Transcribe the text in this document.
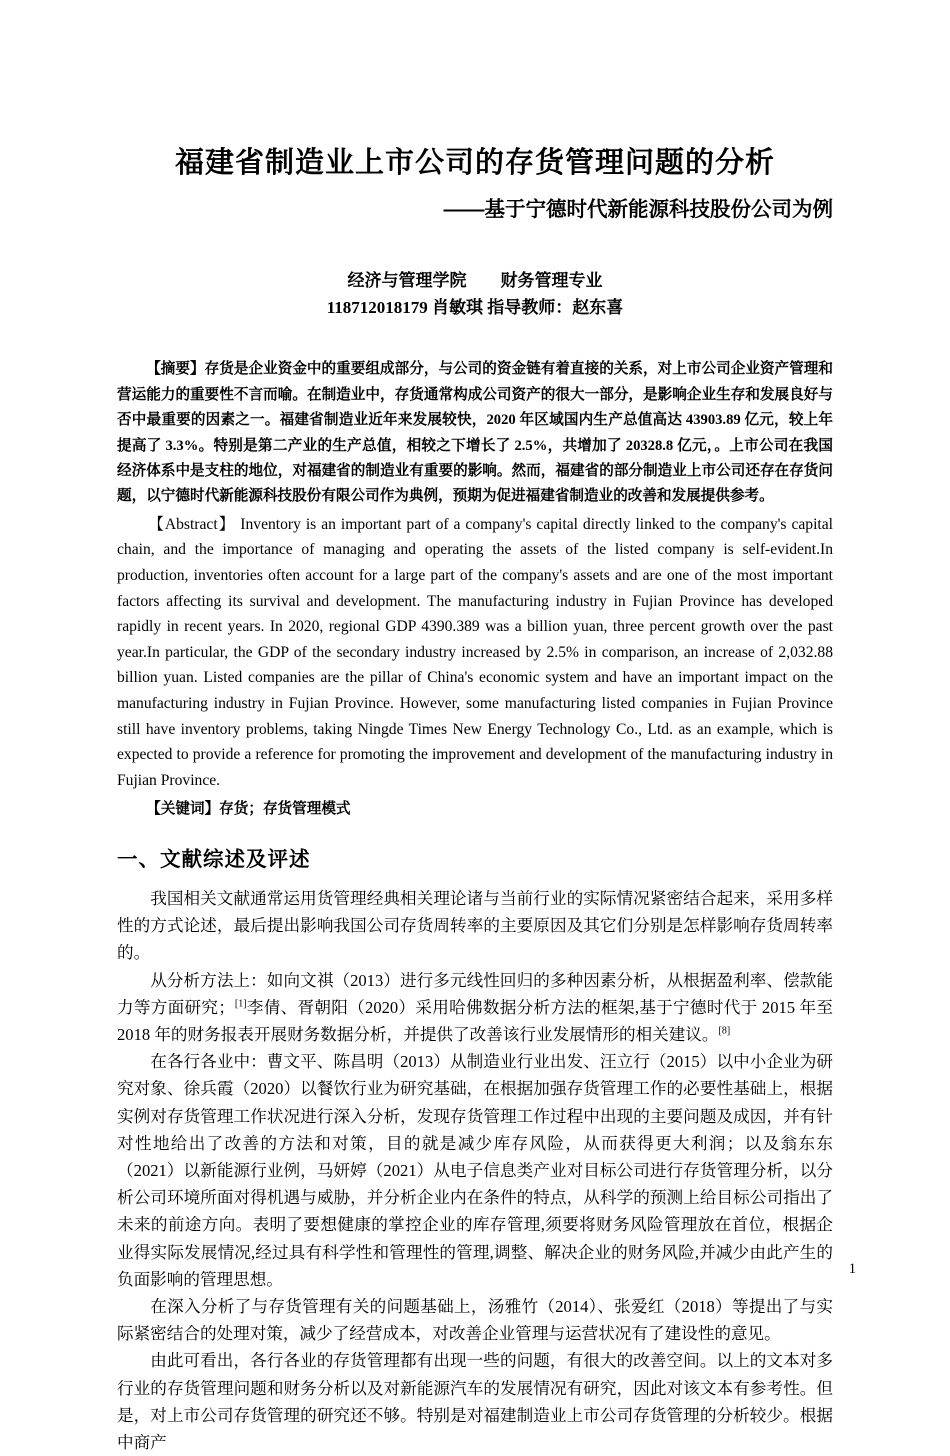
福建省制造业上市公司的存货管理问题的分析
——基于宁德时代新能源科技股份公司为例
经济与管理学院　　财务管理专业
118712018179 肖敏琪 指导教师：赵东喜

【摘要】存货是企业资金中的重要组成部分，与公司的资金链有着直接的关系，对上市公司企业资产管理和营运能力的重要性不言而喻。在制造业中，存货通常构成公司资产的很大一部分，是影响企业生存和发展良好与否中最重要的因素之一。福建省制造业近年来发展较快，2020 年区域国内生产总值高达 43903.89 亿元，较上年提高了 3.3%。特别是第二产业的生产总值，相较之下增长了 2.5%，共增加了 20328.8 亿元，。上市公司在我国经济体系中是支柱的地位，对福建省的制造业有重要的影响。然而，福建省的部分制造业上市公司还存在存货问题，以宁德时代新能源科技股份有限公司作为典例，预期为促进福建省制造业的改善和发展提供参考。

【Abstract】 Inventory is an important part of a company's capital directly linked to the company's capital chain, and the importance of managing and operating the assets of the listed company is self-evident.In production, inventories often account for a large part of the company's assets and are one of the most important factors affecting its survival and development. The manufacturing industry in Fujian Province has developed rapidly in recent years. In 2020, regional GDP 4390.389 was a billion yuan, three percent growth over the past year.In particular, the GDP of the secondary industry increased by 2.5% in comparison, an increase of 2,032.88 billion yuan. Listed companies are the pillar of China's economic system and have an important impact on the manufacturing industry in Fujian Province. However, some manufacturing listed companies in Fujian Province still have inventory problems, taking Ningde Times New Energy Technology Co., Ltd. as an example, which is expected to provide a reference for promoting the improvement and development of the manufacturing industry in Fujian Province.

【关键词】存货；存货管理模式

一、文献综述及评述

我国相关文献通常运用货管理经典相关理论诸与当前行业的实际情况紧密结合起来，采用多样性的方式论述，最后提出影响我国公司存货周转率的主要原因及其它们分别是怎样影响存货周转率的。

从分析方法上：如向文祺（2013）进行多元线性回归的多种因素分析，从根据盈利率、偿款能力等方面研究；[1]李倩、胥朝阳（2020）采用哈佛数据分析方法的框架,基于宁德时代于 2015 年至 2018 年的财务报表开展财务数据分析，并提供了改善该行业发展情形的相关建议。[8]

在各行各业中：曹文平、陈昌明（2013）从制造业行业出发、汪立行（2015）以中小企业为研究对象、徐兵霞（2020）以餐饮行业为研究基础，在根据加强存货管理工作的必要性基础上，根据实例对存货管理工作状况进行深入分析，发现存货管理工作过程中出现的主要问题及成因，并有针对性地给出了改善的方法和对策，目的就是减少库存风险，从而获得更大利润；以及翁东东（2021）以新能源行业例，马妍婷（2021）从电子信息类产业对目标公司进行存货管理分析，以分析公司环境所面对得机遇与威胁，并分析企业内在条件的特点，从科学的预测上给目标公司指出了未来的前途方向。表明了要想健康的掌控企业的库存管理,须要将财务风险管理放在首位，根据企业得实际发展情况,经过具有科学性和管理性的管理,调整、解决企业的财务风险,并减少由此产生的负面影响的管理思想。

在深入分析了与存货管理有关的问题基础上，汤雅竹（2014）、张爱红（2018）等提出了与实际紧密结合的处理对策，减少了经营成本，对改善企业管理与运营状况有了建设性的意见。

由此可看出，各行各业的存货管理都有出现一些的问题，有很大的改善空间。以上的文本对多行业的存货管理问题和财务分析以及对新能源汽车的发展情况有研究，因此对该文本有参考性。但是，对上市公司存货管理的研究还不够。特别是对福建制造业上市公司存货管理的分析较少。根据中商产

1
